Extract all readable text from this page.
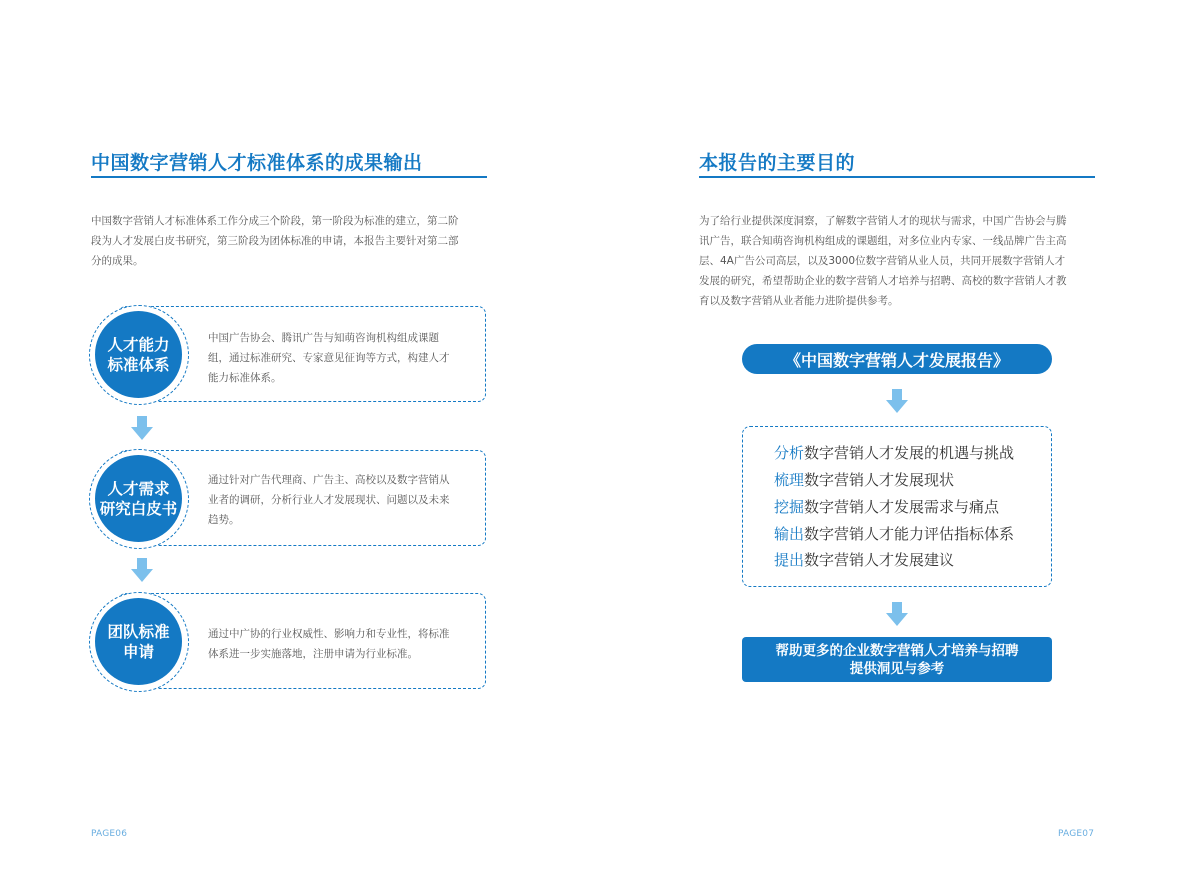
中国数字营销人才标准体系的成果输出
中国数字营销人才标准体系工作分成三个阶段，第一阶段为标准的建立，第二阶
段为人才发展白皮书研究，第三阶段为团体标准的申请，本报告主要针对第二部
分的成果。
中国广告协会、腾讯广告与知萌咨询机构组成课题
组，通过标准研究、专家意见征询等方式，构建人才
能力标准体系。
人才能力
标准体系
通过针对广告代理商、广告主、高校以及数字营销从
业者的调研，分析行业人才发展现状、问题以及未来
趋势。
人才需求
研究白皮书
通过中广协的行业权威性、影响力和专业性，将标准
体系进一步实施落地，注册申请为行业标准。
团队标准
申请
PAGE06
本报告的主要目的
为了给行业提供深度洞察，了解数字营销人才的现状与需求，中国广告协会与腾
讯广告，联合知萌咨询机构组成的课题组，对多位业内专家、一线品牌广告主高
层、4A广告公司高层，以及3000位数字营销从业人员，共同开展数字营销人才
发展的研究，希望帮助企业的数字营销人才培养与招聘、高校的数字营销人才教
育以及数字营销从业者能力进阶提供参考。
《中国数字营销人才发展报告》
分析数字营销人才发展的机遇与挑战
梳理数字营销人才发展现状
挖掘数字营销人才发展需求与痛点
输出数字营销人才能力评估指标体系
提出数字营销人才发展建议
帮助更多的企业数字营销人才培养与招聘
提供洞见与参考
PAGE07
